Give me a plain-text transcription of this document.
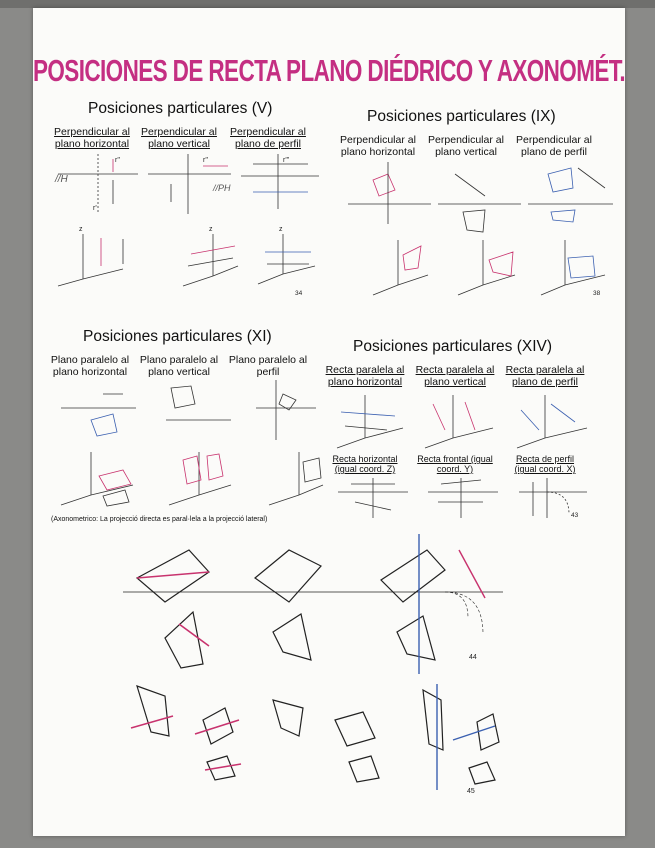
POSICIONES DE RECTA PLANO DIÉDRICO Y AXONOMÉT.
Posiciones particulares (V)
Perpendicular al plano horizontal
Perpendicular al plano vertical
Perpendicular al plano de perfil
Posiciones particulares (IX)
Perpendicular al plano horizontal
Perpendicular al plano vertical
Perpendicular al plano de perfil
r''
r'
r''	r'''
z	z	z
//H
//PH
34	38
Posiciones particulares (XI)
Plano paralelo al plano horizontal
Plano paralelo al plano vertical
Plano paralelo al perfil
(Axonometrico: La projecció directa es paral·lela a la projecció lateral)
Posiciones particulares (XIV)
Recta paralela al plano horizontal
Recta paralela al plano vertical
Recta paralela al plano de perfil
Recta horizontal (igual coord. Z)
Recta frontal (igual coord. Y)
Recta de perfil (igual coord. X)
43
44
45
